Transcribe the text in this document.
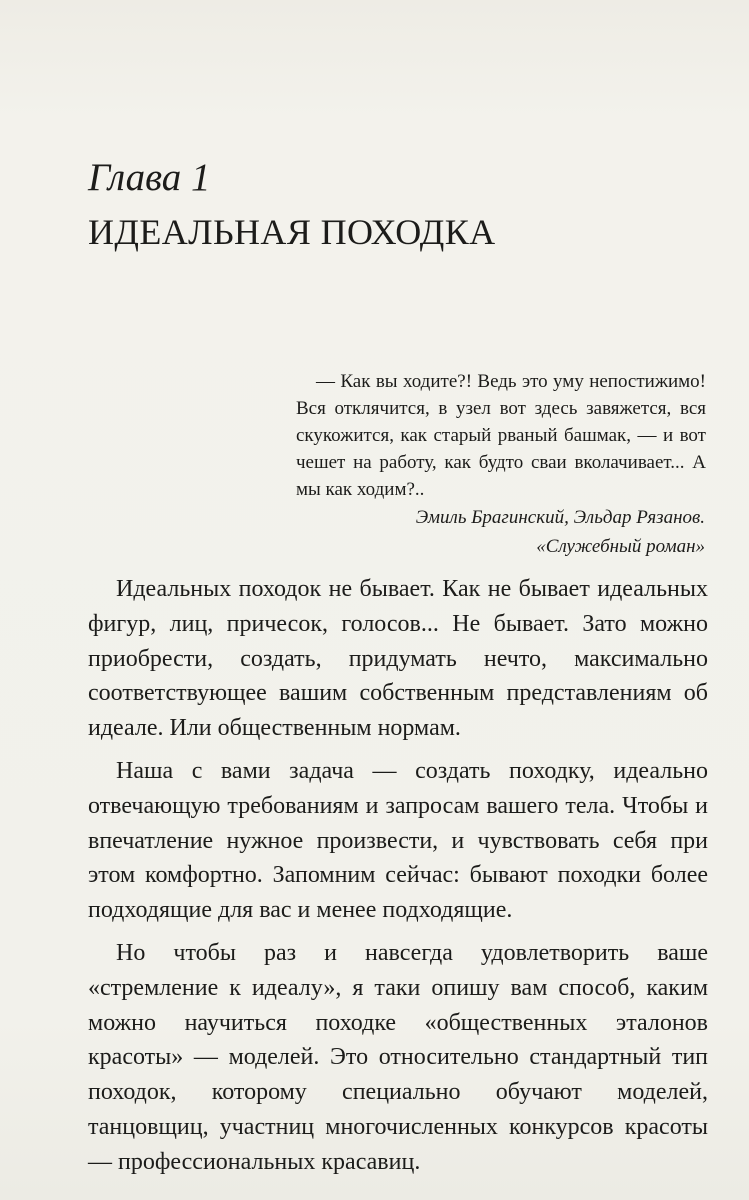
Глава 1
ИДЕАЛЬНАЯ ПОХОДКА

— Как вы ходите?! Ведь это уму непостижимо! Вся отклячится, в узел вот здесь завяжется, вся скукожится, как старый рваный башмак, — и вот чешет на работу, как будто сваи вколачивает... А мы как ходим?..

Эмиль Брагинский, Эльдар Рязанов.
«Служебный роман»

Идеальных походок не бывает. Как не бывает идеальных фигур, лиц, причесок, голосов... Не бывает. Зато можно приобрести, создать, придумать нечто, максимально соответствующее вашим собственным представлениям об идеале. Или общественным нормам.

Наша с вами задача — создать походку, идеально отвечающую требованиям и запросам вашего тела. Чтобы и впечатление нужное произвести, и чувствовать себя при этом комфортно. Запомним сейчас: бывают походки более подходящие для вас и менее подходящие.

Но чтобы раз и навсегда удовлетворить ваше «стремление к идеалу», я таки опишу вам способ, каким можно научиться походке «общественных эталонов красоты» — моделей. Это относительно стандартный тип походок, которому специально обучают моделей, танцовщиц, участниц многочисленных конкурсов красоты — профессиональных красавиц.
